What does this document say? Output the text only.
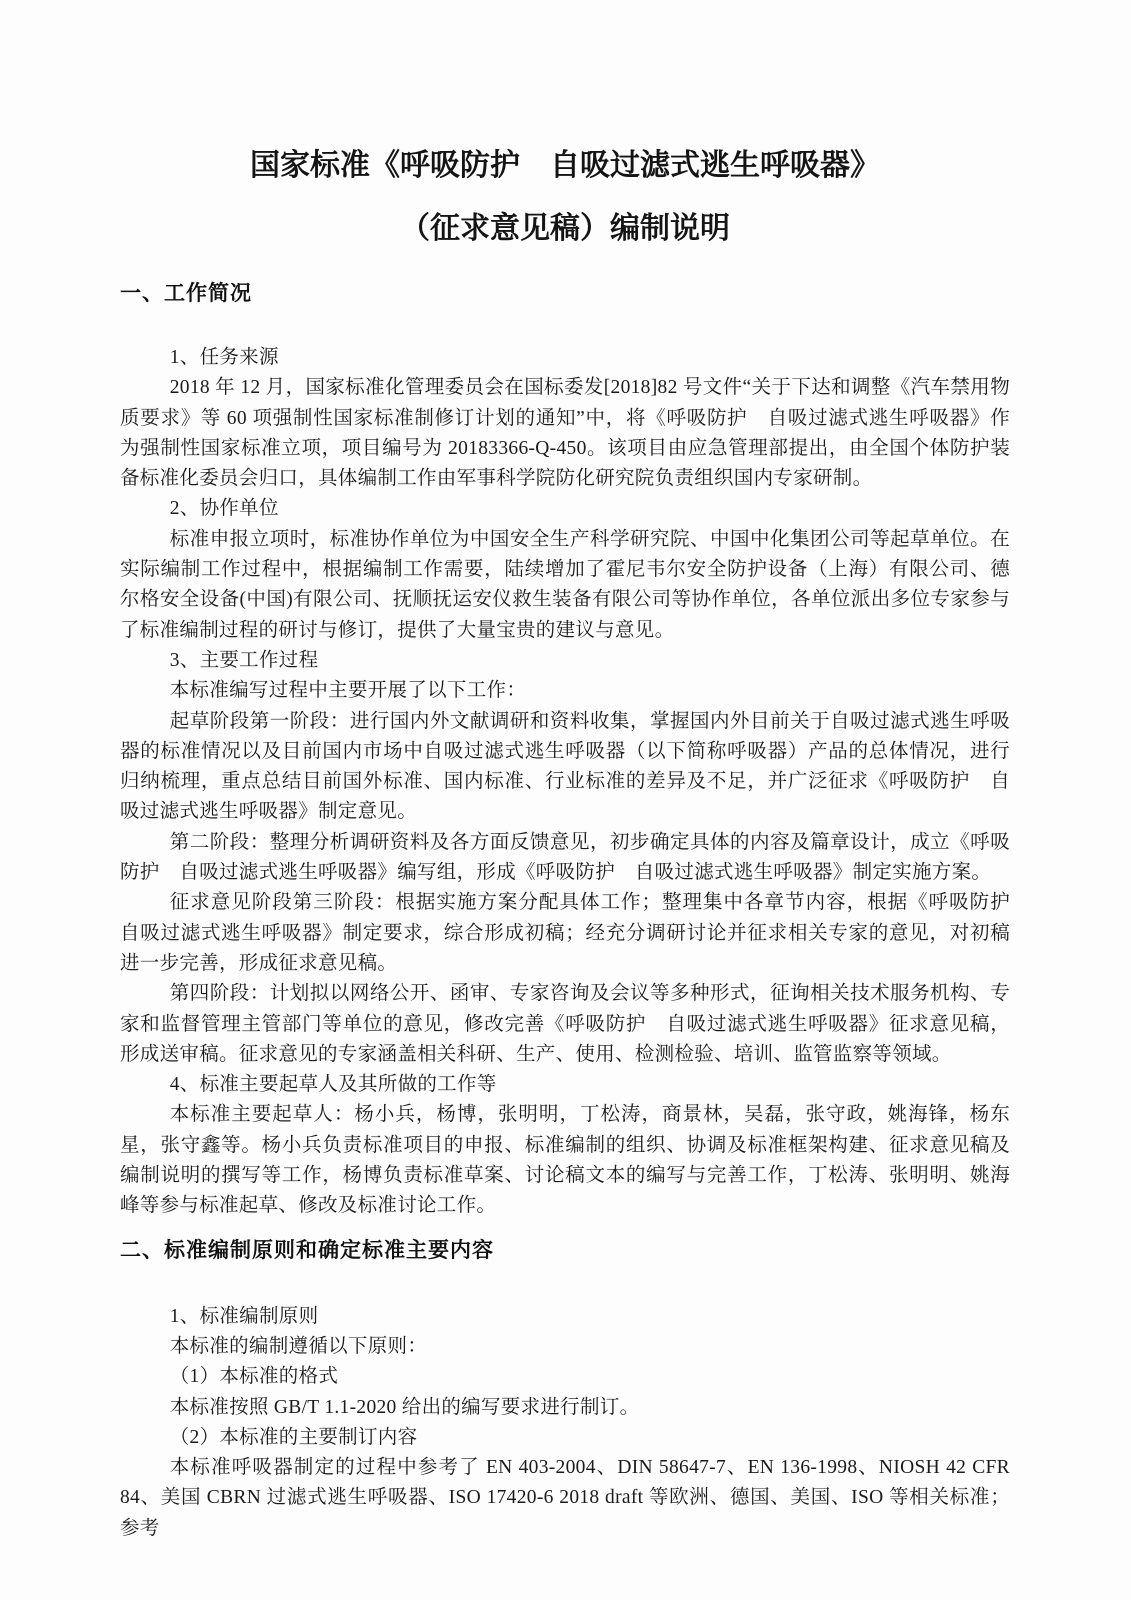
国家标准《呼吸防护　自吸过滤式逃生呼吸器》
（征求意见稿）编制说明
一、工作简况

1、任务来源

2018 年 12 月，国家标准化管理委员会在国标委发[2018]82 号文件“关于下达和调整《汽车禁用物质要求》等 60 项强制性国家标准制修订计划的通知”中，将《呼吸防护　自吸过滤式逃生呼吸器》作为强制性国家标准立项，项目编号为 20183366-Q-450。该项目由应急管理部提出，由全国个体防护装备标准化委员会归口，具体编制工作由军事科学院防化研究院负责组织国内专家研制。

2、协作单位

标准申报立项时，标准协作单位为中国安全生产科学研究院、中国中化集团公司等起草单位。在实际编制工作过程中，根据编制工作需要，陆续增加了霍尼韦尔安全防护设备（上海）有限公司、德尔格安全设备(中国)有限公司、抚顺抚运安仪救生装备有限公司等协作单位，各单位派出多位专家参与了标准编制过程的研讨与修订，提供了大量宝贵的建议与意见。

3、主要工作过程

本标准编写过程中主要开展了以下工作：

起草阶段第一阶段：进行国内外文献调研和资料收集，掌握国内外目前关于自吸过滤式逃生呼吸器的标准情况以及目前国内市场中自吸过滤式逃生呼吸器（以下简称呼吸器）产品的总体情况，进行归纳梳理，重点总结目前国外标准、国内标准、行业标准的差异及不足，并广泛征求《呼吸防护　自吸过滤式逃生呼吸器》制定意见。

第二阶段：整理分析调研资料及各方面反馈意见，初步确定具体的内容及篇章设计，成立《呼吸防护　自吸过滤式逃生呼吸器》编写组，形成《呼吸防护　自吸过滤式逃生呼吸器》制定实施方案。

征求意见阶段第三阶段：根据实施方案分配具体工作；整理集中各章节内容，根据《呼吸防护　自吸过滤式逃生呼吸器》制定要求，综合形成初稿；经充分调研讨论并征求相关专家的意见，对初稿进一步完善，形成征求意见稿。

第四阶段：计划拟以网络公开、函审、专家咨询及会议等多种形式，征询相关技术服务机构、专家和监督管理主管部门等单位的意见，修改完善《呼吸防护　自吸过滤式逃生呼吸器》征求意见稿，形成送审稿。征求意见的专家涵盖相关科研、生产、使用、检测检验、培训、监管监察等领域。

4、标准主要起草人及其所做的工作等

本标准主要起草人：杨小兵，杨博，张明明，丁松涛，商景林，吴磊，张守政，姚海锋，杨东星，张守鑫等。杨小兵负责标准项目的申报、标准编制的组织、协调及标准框架构建、征求意见稿及编制说明的撰写等工作，杨博负责标准草案、讨论稿文本的编写与完善工作，丁松涛、张明明、姚海峰等参与标准起草、修改及标准讨论工作。

二、标准编制原则和确定标准主要内容

1、标准编制原则

本标准的编制遵循以下原则：

（1）本标准的格式

本标准按照 GB/T 1.1-2020 给出的编写要求进行制订。

（2）本标准的主要制订内容

本标准呼吸器制定的过程中参考了 EN 403-2004、DIN 58647-7、EN 136-1998、NIOSH 42 CFR 84、美国 CBRN 过滤式逃生呼吸器、ISO 17420-6 2018 draft 等欧洲、德国、美国、ISO 等相关标准；参考
